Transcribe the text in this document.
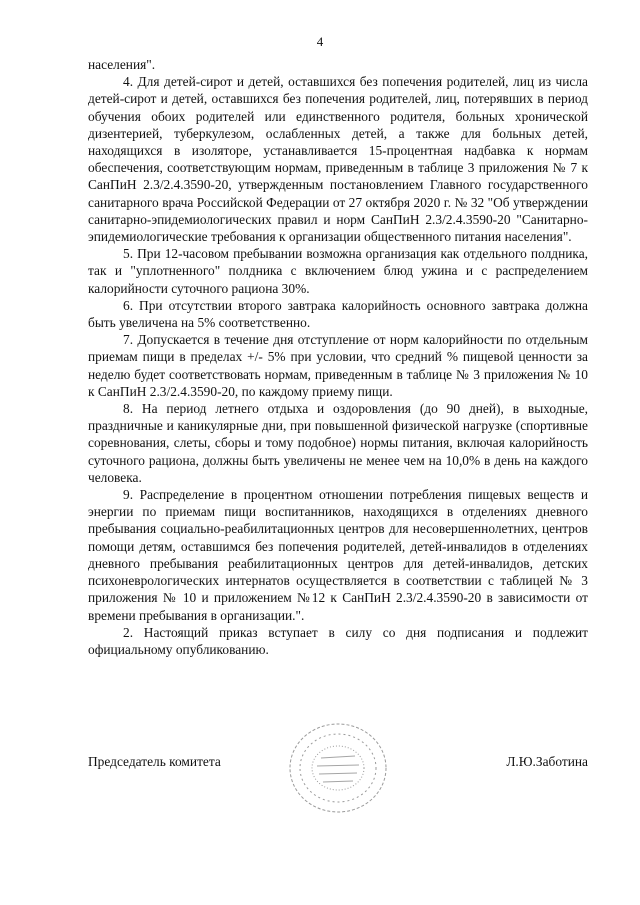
4

населения".

4. Для детей-сирот и детей, оставшихся без попечения родителей, лиц из числа детей-сирот и детей, оставшихся без попечения родителей, лиц, потерявших в период обучения обоих родителей или единственного родителя, больных хронической дизентерией, туберкулезом, ослабленных детей, а также для больных детей, находящихся в изоляторе, устанавливается 15-процентная надбавка к нормам обеспечения, соответствующим нормам, приведенным в таблице 3 приложения № 7 к СанПиН 2.3/2.4.3590-20, утвержденным постановлением Главного государственного санитарного врача Российской Федерации от 27 октября 2020 г. № 32 "Об утверждении санитарно-эпидемиологических правил и норм СанПиН 2.3/2.4.3590-20 "Санитарно-эпидемиологические требования к организации общественного питания населения".

5. При 12-часовом пребывании возможна организация как отдельного полдника, так и "уплотненного" полдника с включением блюд ужина и с распределением калорийности суточного рациона 30%.

6. При отсутствии второго завтрака калорийность основного завтрака должна быть увеличена на 5% соответственно.

7. Допускается в течение дня отступление от норм калорийности по отдельным приемам пищи в пределах +/- 5% при условии, что средний % пищевой ценности за неделю будет соответствовать нормам, приведенным в таблице № 3 приложения № 10 к СанПиН 2.3/2.4.3590-20, по каждому приему пищи.

8. На период летнего отдыха и оздоровления (до 90 дней), в выходные, праздничные и каникулярные дни, при повышенной физической нагрузке (спортивные соревнования, слеты, сборы и тому подобное) нормы питания, включая калорийность суточного рациона, должны быть увеличены не менее чем на 10,0% в день на каждого человека.

9. Распределение в процентном отношении потребления пищевых веществ и энергии по приемам пищи воспитанников, находящихся в отделениях дневного пребывания социально-реабилитационных центров для несовершеннолетних, центров помощи детям, оставшимся без попечения родителей, детей-инвалидов в отделениях дневного пребывания реабилитационных центров для детей-инвалидов, детских психоневрологических интернатов осуществляется в соответствии с таблицей № 3 приложения № 10 и приложением №12 к СанПиН 2.3/2.4.3590-20 в зависимости от времени пребывания в организации.".

2. Настоящий приказ вступает в силу со дня подписания и подлежит официальному опубликованию.

Председатель комитета	Л.Ю.Заботина
